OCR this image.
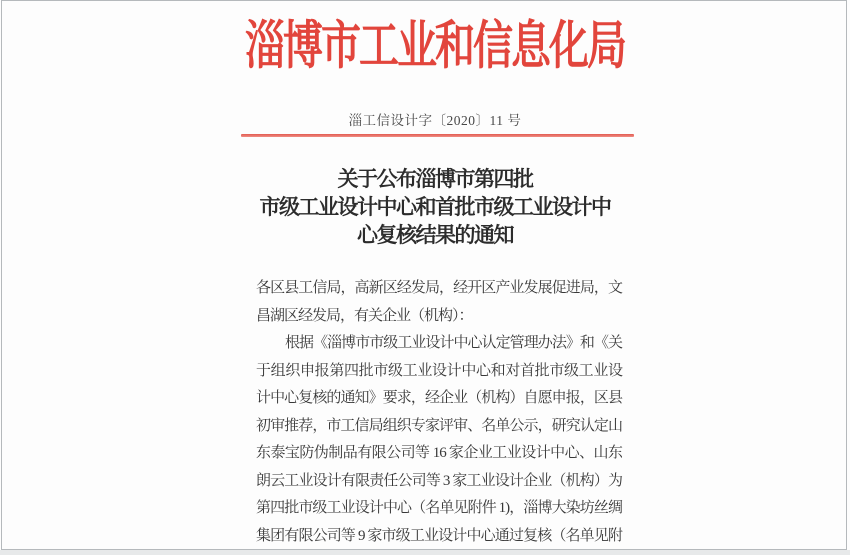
淄博市工业和信息化局
淄工信设计字〔2020〕11 号
关于公布淄博市第四批
市级工业设计中心和首批市级工业设计中
心复核结果的通知
各区县工信局，高新区经发局，经开区产业发展促进局，文
昌湖区经发局，有关企业（机构）：
根据《淄博市市级工业设计中心认定管理办法》和《关
于组织申报第四批市级工业设计中心和对首批市级工业设
计中心复核的通知》要求，经企业（机构）自愿申报，区县
初审推荐，市工信局组织专家评审、名单公示，研究认定山
东泰宝防伪制品有限公司等 16 家企业工业设计中心、山东
朗云工业设计有限责任公司等 3 家工业设计企业（机构）为
第四批市级工业设计中心（名单见附件 1)，淄博大染坊丝绸
集团有限公司等 9 家市级工业设计中心通过复核（名单见附
